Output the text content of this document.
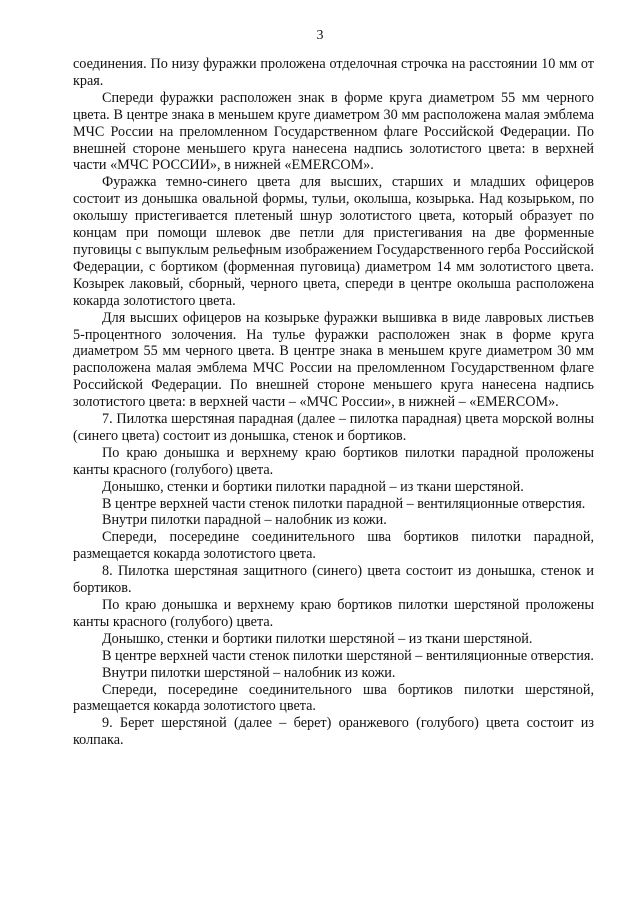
3

соединения. По низу фуражки проложена отделочная строчка на расстоянии 10 мм от края.

Спереди фуражки расположен знак в форме круга диаметром 55 мм черного цвета. В центре знака в меньшем круге диаметром 30 мм расположена малая эмблема МЧС России на преломленном Государственном флаге Российской Федерации. По внешней стороне меньшего круга нанесена надпись золотистого цвета: в верхней части «МЧС РОССИИ», в нижней «EMERCOM».

Фуражка темно-синего цвета для высших, старших и младших офицеров состоит из донышка овальной формы, тульи, околыша, козырька. Над козырьком, по околышу пристегивается плетеный шнур золотистого цвета, который образует по концам при помощи шлевок две петли для пристегивания на две форменные пуговицы с выпуклым рельефным изображением Государственного герба Российской Федерации, с бортиком (форменная пуговица) диаметром 14 мм золотистого цвета. Козырек лаковый, сборный, черного цвета, спереди в центре околыша расположена кокарда золотистого цвета.

Для высших офицеров на козырьке фуражки вышивка в виде лавровых листьев 5-процентного золочения. На тулье фуражки расположен знак в форме круга диаметром 55 мм черного цвета. В центре знака в меньшем круге диаметром 30 мм расположена малая эмблема МЧС России на преломленном Государственном флаге Российской Федерации. По внешней стороне меньшего круга нанесена надпись золотистого цвета: в верхней части – «МЧС России», в нижней – «EMERCOM».

7. Пилотка шерстяная парадная (далее – пилотка парадная) цвета морской волны (синего цвета) состоит из донышка, стенок и бортиков.

По краю донышка и верхнему краю бортиков пилотки парадной проложены канты красного (голубого) цвета.

Донышко, стенки и бортики пилотки парадной – из ткани шерстяной.

В центре верхней части стенок пилотки парадной – вентиляционные отверстия.

Внутри пилотки парадной – налобник из кожи.

Спереди, посередине соединительного шва бортиков пилотки парадной, размещается кокарда золотистого цвета.

8. Пилотка шерстяная защитного (синего) цвета состоит из донышка, стенок и бортиков.

По краю донышка и верхнему краю бортиков пилотки шерстяной проложены канты красного (голубого) цвета.

Донышко, стенки и бортики пилотки шерстяной – из ткани шерстяной.

В центре верхней части стенок пилотки шерстяной – вентиляционные отверстия.

Внутри пилотки шерстяной – налобник из кожи.

Спереди, посередине соединительного шва бортиков пилотки шерстяной, размещается кокарда золотистого цвета.

9. Берет шерстяной (далее – берет) оранжевого (голубого) цвета состоит из колпака.
